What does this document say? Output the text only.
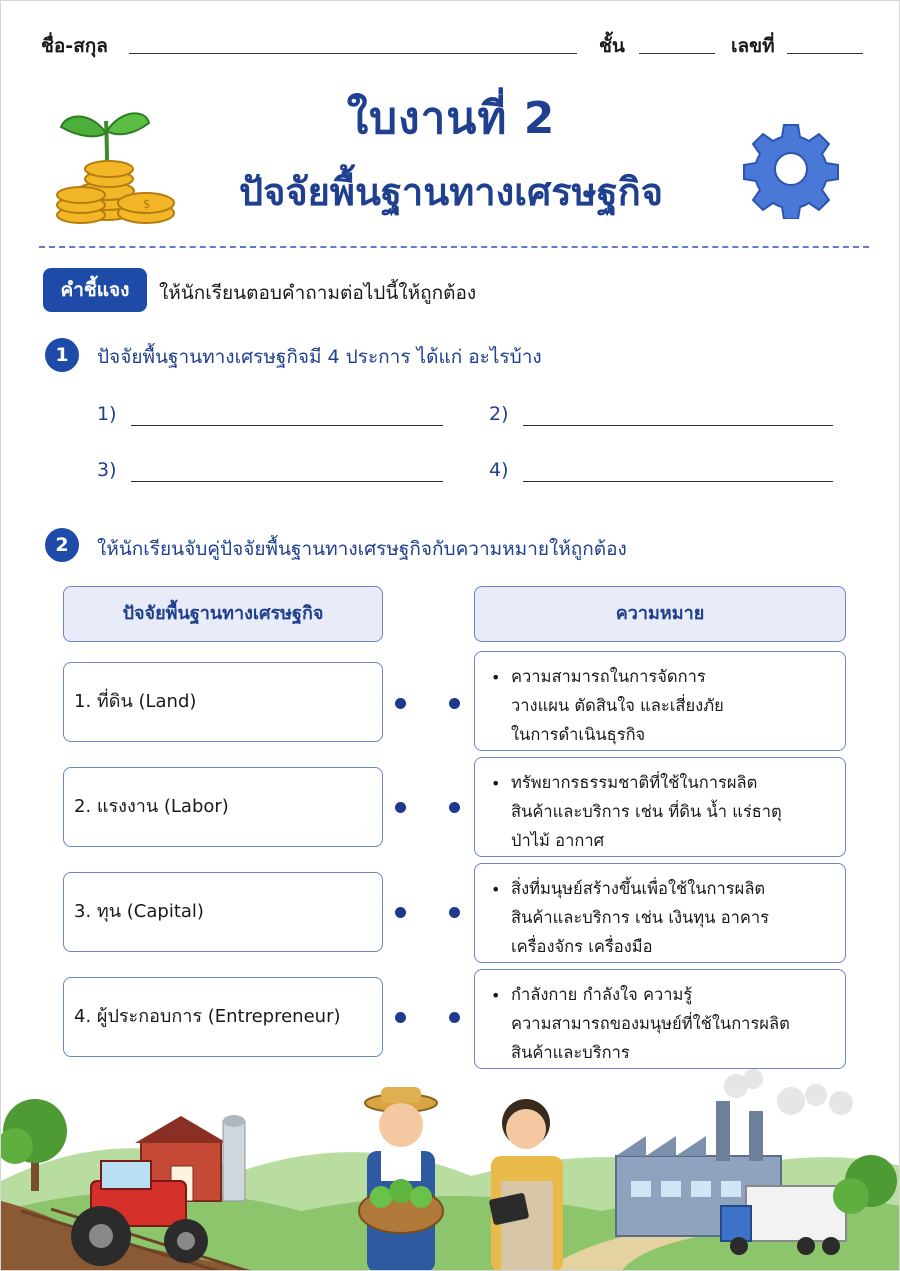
ชื่อ-สกุล	ชั้น	เลขที่
$
ใบงานที่ 2
ปัจจัยพื้นฐานทางเศรษฐกิจ
คำชี้แจง	ให้นักเรียนตอบคำถามต่อไปนี้ให้ถูกต้อง
1	ปัจจัยพื้นฐานทางเศรษฐกิจมี 4 ประการ ได้แก่ อะไรบ้าง
1)	2)
3)	4)
2	ให้นักเรียนจับคู่ปัจจัยพื้นฐานทางเศรษฐกิจกับความหมายให้ถูกต้อง
ปัจจัยพื้นฐานทางเศรษฐกิจ	ความหมาย
1. ที่ดิน (Land)
• ความสามารถในการจัดการ
วางแผน ตัดสินใจ และเสี่ยงภัย
ในการดำเนินธุรกิจ
2. แรงงาน (Labor)
• ทรัพยากรธรรมชาติที่ใช้ในการผลิต
สินค้าและบริการ เช่น ที่ดิน น้ำ แร่ธาตุ
ป่าไม้ อากาศ
3. ทุน (Capital)
• สิ่งที่มนุษย์สร้างขึ้นเพื่อใช้ในการผลิต
สินค้าและบริการ เช่น เงินทุน อาคาร
เครื่องจักร เครื่องมือ
4. ผู้ประกอบการ (Entrepreneur)
• กำลังกาย กำลังใจ ความรู้
ความสามารถของมนุษย์ที่ใช้ในการผลิต
สินค้าและบริการ
